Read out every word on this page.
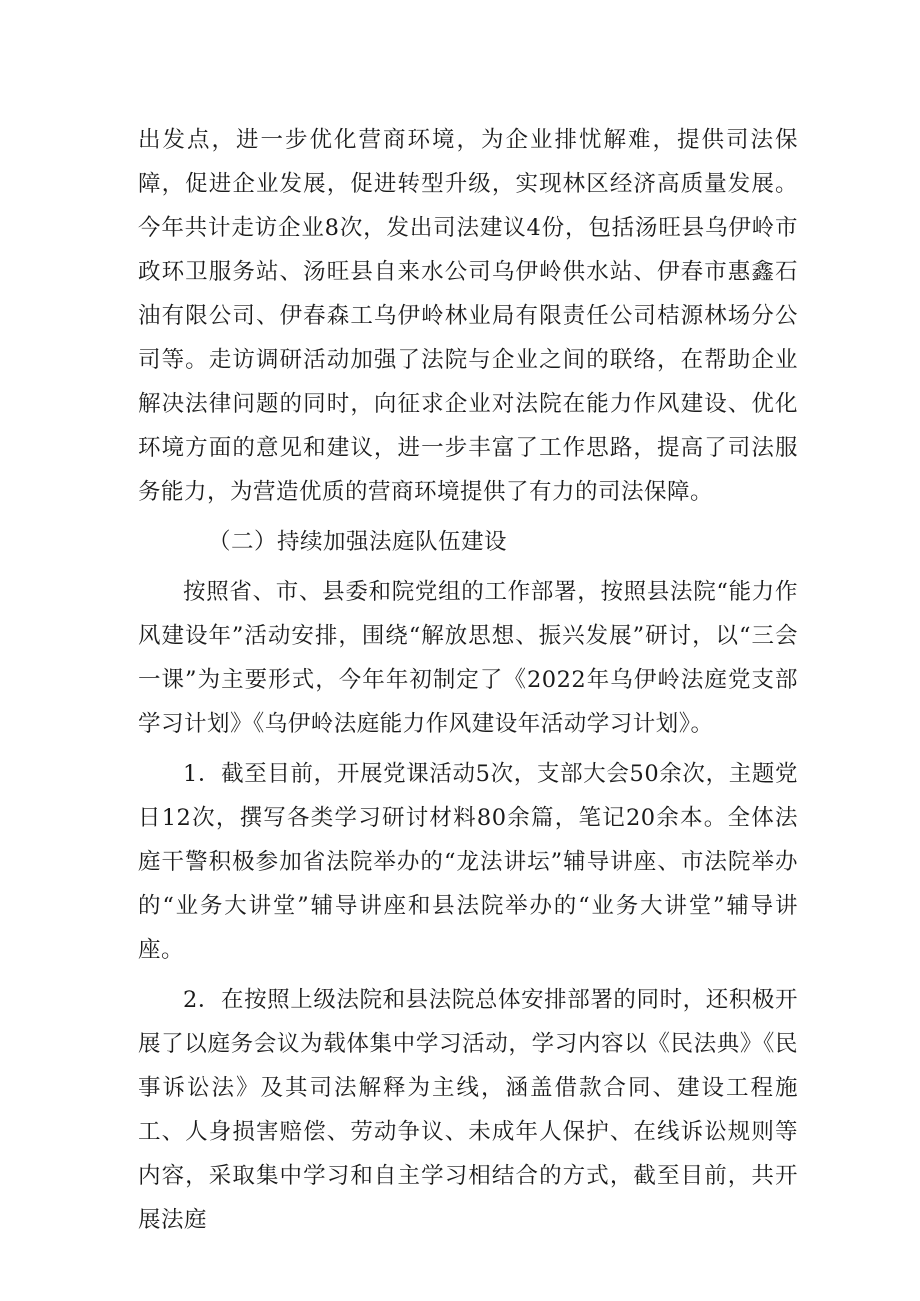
出发点，进一步优化营商环境，为企业排忧解难，提供司法保障，促进企业发展，促进转型升级，实现林区经济高质量发展。今年共计走访企业8次，发出司法建议4份，包括汤旺县乌伊岭市政环卫服务站、汤旺县自来水公司乌伊岭供水站、伊春市惠鑫石油有限公司、伊春森工乌伊岭林业局有限责任公司桔源林场分公司等。走访调研活动加强了法院与企业之间的联络，在帮助企业解决法律问题的同时，向征求企业对法院在能力作风建设、优化环境方面的意见和建议，进一步丰富了工作思路，提高了司法服务能力，为营造优质的营商环境提供了有力的司法保障。

（二）持续加强法庭队伍建设

按照省、市、县委和院党组的工作部署，按照县法院“能力作风建设年”活动安排，围绕“解放思想、振兴发展”研讨，以“三会一课”为主要形式，今年年初制定了《2022年乌伊岭法庭党支部学习计划》《乌伊岭法庭能力作风建设年活动学习计划》。

1．截至目前，开展党课活动5次，支部大会50余次，主题党日12次，撰写各类学习研讨材料80余篇，笔记20余本。全体法庭干警积极参加省法院举办的“龙法讲坛”辅导讲座、市法院举办的“业务大讲堂”辅导讲座和县法院举办的“业务大讲堂”辅导讲座。

2．在按照上级法院和县法院总体安排部署的同时，还积极开展了以庭务会议为载体集中学习活动，学习内容以《民法典》《民事诉讼法》及其司法解释为主线，涵盖借款合同、建设工程施工、人身损害赔偿、劳动争议、未成年人保护、在线诉讼规则等内容，采取集中学习和自主学习相结合的方式，截至目前，共开展法庭
